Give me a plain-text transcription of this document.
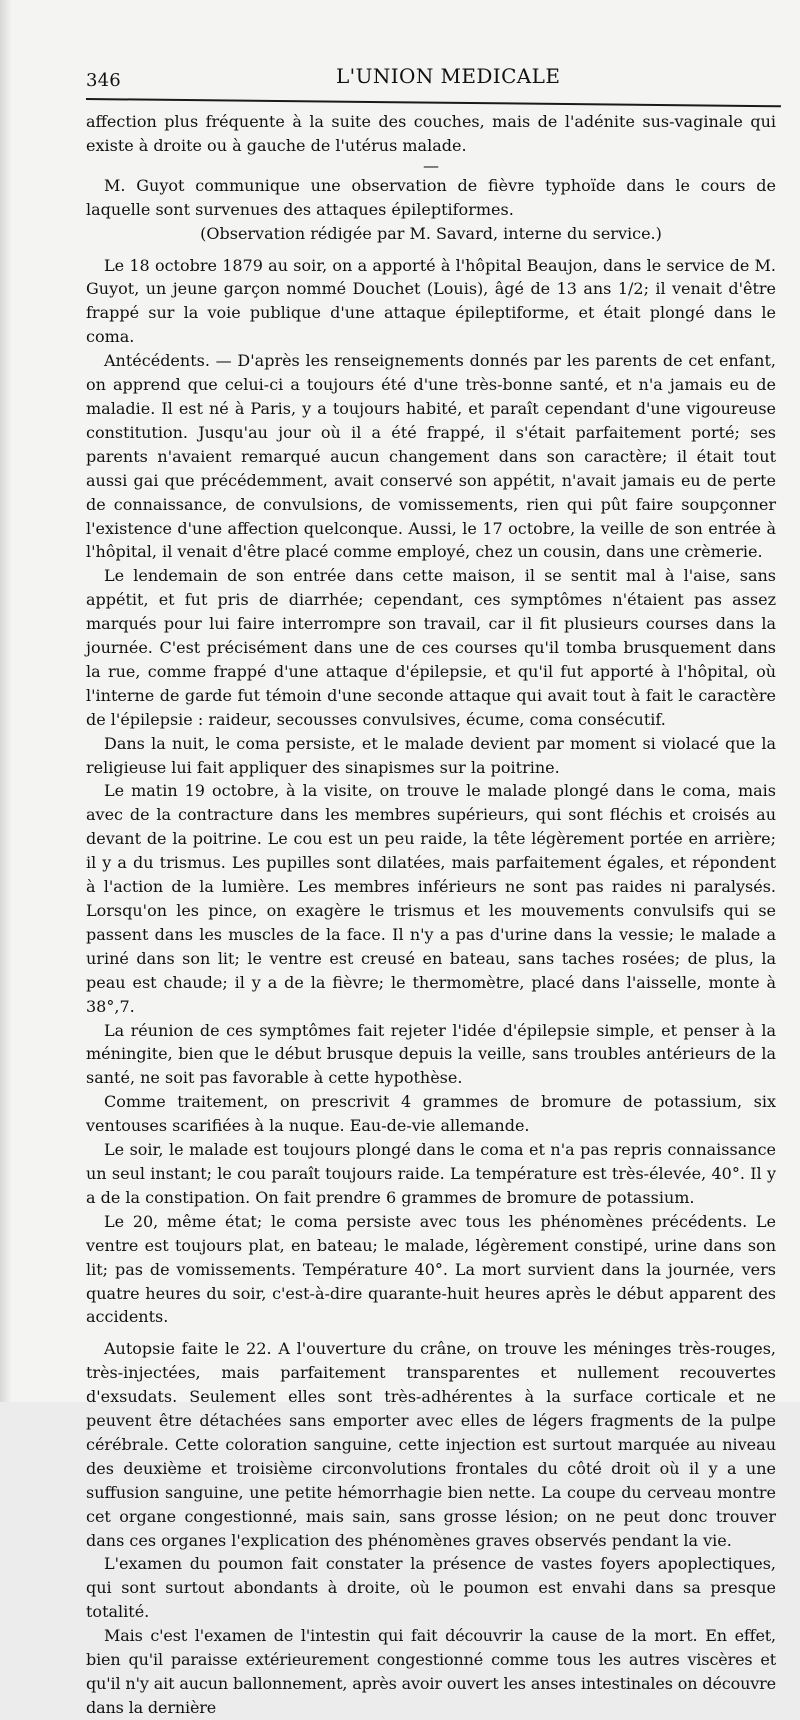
346	L'UNION MEDICALE

affection plus fréquente à la suite des couches, mais de l'adénite sus-vaginale qui existe à droite ou à gauche de l'utérus malade.

—

M. Guyot communique une observation de fièvre typhoïde dans le cours de laquelle sont survenues des attaques épileptiformes.

(Observation rédigée par M. Savard, interne du service.)

Le 18 octobre 1879 au soir, on a apporté à l'hôpital Beaujon, dans le service de M. Guyot, un jeune garçon nommé Douchet (Louis), âgé de 13 ans 1/2; il venait d'être frappé sur la voie publique d'une attaque épileptiforme, et était plongé dans le coma.

Antécédents. — D'après les renseignements donnés par les parents de cet enfant, on apprend que celui-ci a toujours été d'une très-bonne santé, et n'a jamais eu de maladie. Il est né à Paris, y a toujours habité, et paraît cependant d'une vigoureuse constitution. Jusqu'au jour où il a été frappé, il s'était parfaitement porté; ses parents n'avaient remarqué aucun changement dans son caractère; il était tout aussi gai que précédemment, avait conservé son appétit, n'avait jamais eu de perte de connaissance, de convulsions, de vomissements, rien qui pût faire soupçonner l'existence d'une affection quelconque. Aussi, le 17 octobre, la veille de son entrée à l'hôpital, il venait d'être placé comme employé, chez un cousin, dans une crèmerie.

Le lendemain de son entrée dans cette maison, il se sentit mal à l'aise, sans appétit, et fut pris de diarrhée; cependant, ces symptômes n'étaient pas assez marqués pour lui faire interrompre son travail, car il fit plusieurs courses dans la journée. C'est précisément dans une de ces courses qu'il tomba brusquement dans la rue, comme frappé d'une attaque d'épilepsie, et qu'il fut apporté à l'hôpital, où l'interne de garde fut témoin d'une seconde attaque qui avait tout à fait le caractère de l'épilepsie : raideur, secousses convulsives, écume, coma consécutif.

Dans la nuit, le coma persiste, et le malade devient par moment si violacé que la religieuse lui fait appliquer des sinapismes sur la poitrine.

Le matin 19 octobre, à la visite, on trouve le malade plongé dans le coma, mais avec de la contracture dans les membres supérieurs, qui sont fléchis et croisés au devant de la poitrine. Le cou est un peu raide, la tête légèrement portée en arrière; il y a du trismus. Les pupilles sont dilatées, mais parfaitement égales, et répondent à l'action de la lumière. Les membres inférieurs ne sont pas raides ni paralysés. Lorsqu'on les pince, on exagère le trismus et les mouvements convulsifs qui se passent dans les muscles de la face. Il n'y a pas d'urine dans la vessie; le malade a uriné dans son lit; le ventre est creusé en bateau, sans taches rosées; de plus, la peau est chaude; il y a de la fièvre; le thermomètre, placé dans l'aisselle, monte à 38°,7.

La réunion de ces symptômes fait rejeter l'idée d'épilepsie simple, et penser à la méningite, bien que le début brusque depuis la veille, sans troubles antérieurs de la santé, ne soit pas favorable à cette hypothèse.

Comme traitement, on prescrivit 4 grammes de bromure de potassium, six ventouses scarifiées à la nuque. Eau-de-vie allemande.

Le soir, le malade est toujours plongé dans le coma et n'a pas repris connaissance un seul instant; le cou paraît toujours raide. La température est très-élevée, 40°. Il y a de la constipation. On fait prendre 6 grammes de bromure de potassium.

Le 20, même état; le coma persiste avec tous les phénomènes précédents. Le ventre est toujours plat, en bateau; le malade, légèrement constipé, urine dans son lit; pas de vomissements. Température 40°. La mort survient dans la journée, vers quatre heures du soir, c'est-à-dire quarante-huit heures après le début apparent des accidents.

Autopsie faite le 22. A l'ouverture du crâne, on trouve les méninges très-rouges, très-injectées, mais parfaitement transparentes et nullement recouvertes d'exsudats. Seulement elles sont très-adhérentes à la surface corticale et ne peuvent être détachées sans emporter avec elles de légers fragments de la pulpe cérébrale. Cette coloration sanguine, cette injection est surtout marquée au niveau des deuxième et troisième circonvolutions frontales du côté droit où il y a une suffusion sanguine, une petite hémorrhagie bien nette. La coupe du cerveau montre cet organe congestionné, mais sain, sans grosse lésion; on ne peut donc trouver dans ces organes l'explication des phénomènes graves observés pendant la vie.

L'examen du poumon fait constater la présence de vastes foyers apoplectiques, qui sont surtout abondants à droite, où le poumon est envahi dans sa presque totalité.

Mais c'est l'examen de l'intestin qui fait découvrir la cause de la mort. En effet, bien qu'il paraisse extérieurement congestionné comme tous les autres viscères et qu'il n'y ait aucun ballonnement, après avoir ouvert les anses intestinales on découvre dans la dernière
